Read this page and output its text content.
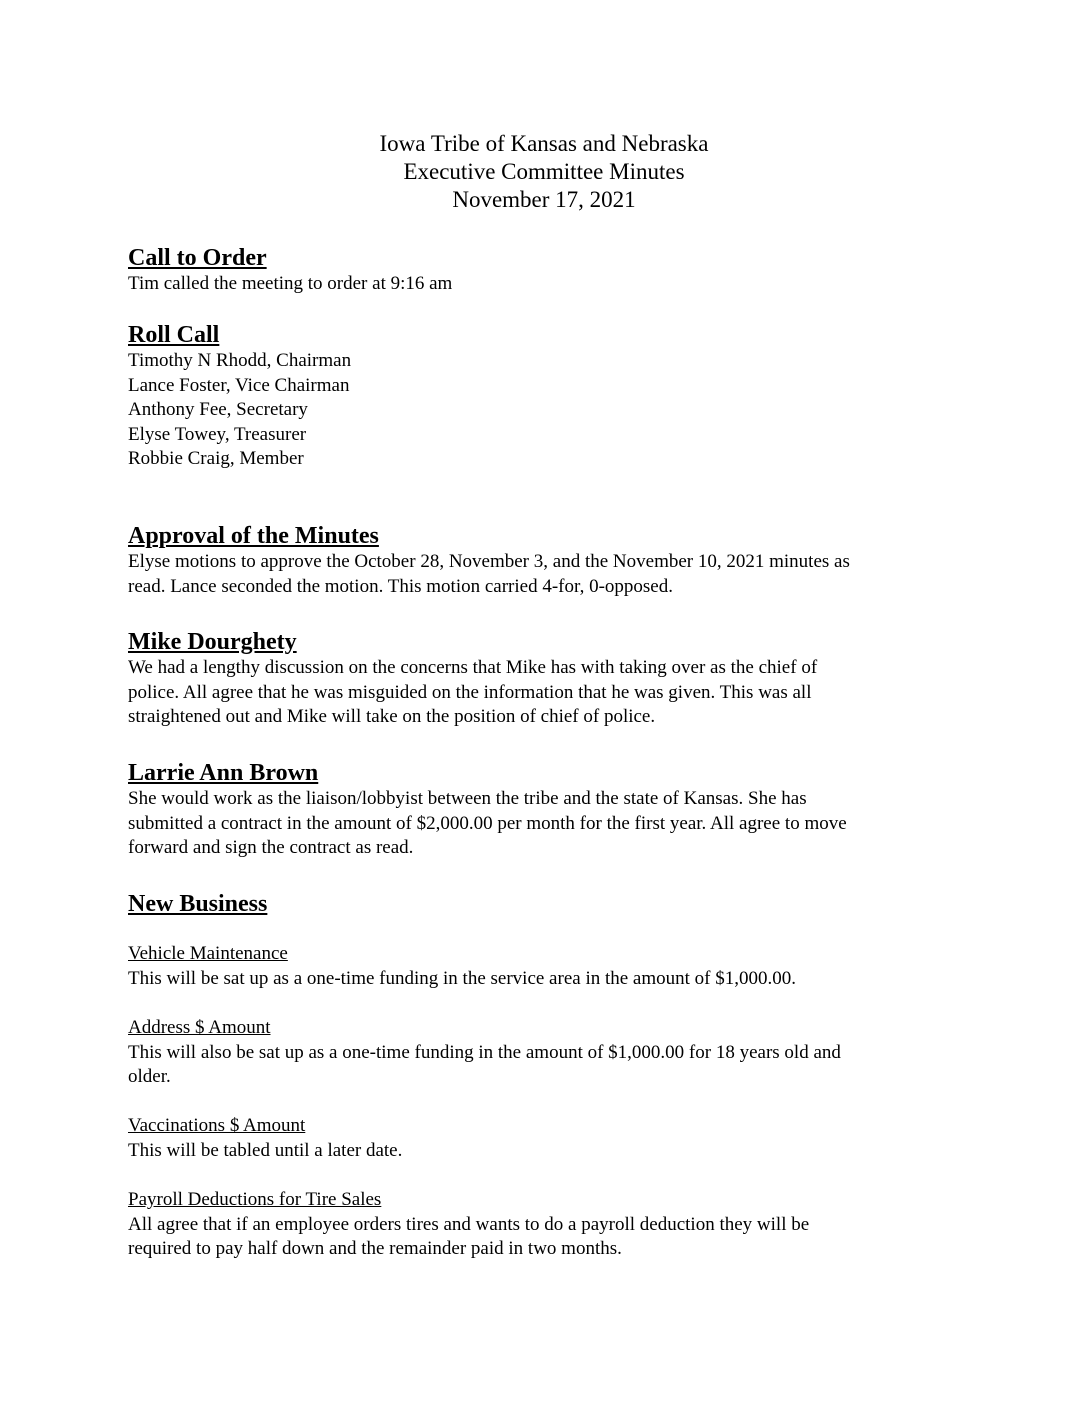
Iowa Tribe of Kansas and Nebraska
Executive Committee Minutes
November 17, 2021
Call to Order
Tim called the meeting to order at 9:16 am
Roll Call
Timothy N Rhodd, Chairman
Lance Foster, Vice Chairman
Anthony Fee, Secretary
Elyse Towey, Treasurer
Robbie Craig, Member
Approval of the Minutes
Elyse motions to approve the October 28, November 3, and the November 10, 2021 minutes as
read. Lance seconded the motion. This motion carried 4-for, 0-opposed.
Mike Dourghety
We had a lengthy discussion on the concerns that Mike has with taking over as the chief of
police. All agree that he was misguided on the information that he was given. This was all
straightened out and Mike will take on the position of chief of police.
Larrie Ann Brown
She would work as the liaison/lobbyist between the tribe and the state of Kansas. She has
submitted a contract in the amount of $2,000.00 per month for the first year. All agree to move
forward and sign the contract as read.
New Business
Vehicle Maintenance
This will be sat up as a one-time funding in the service area in the amount of $1,000.00.
Address $ Amount
This will also be sat up as a one-time funding in the amount of $1,000.00 for 18 years old and
older.
Vaccinations $ Amount
This will be tabled until a later date.
Payroll Deductions for Tire Sales
All agree that if an employee orders tires and wants to do a payroll deduction they will be
required to pay half down and the remainder paid in two months.
